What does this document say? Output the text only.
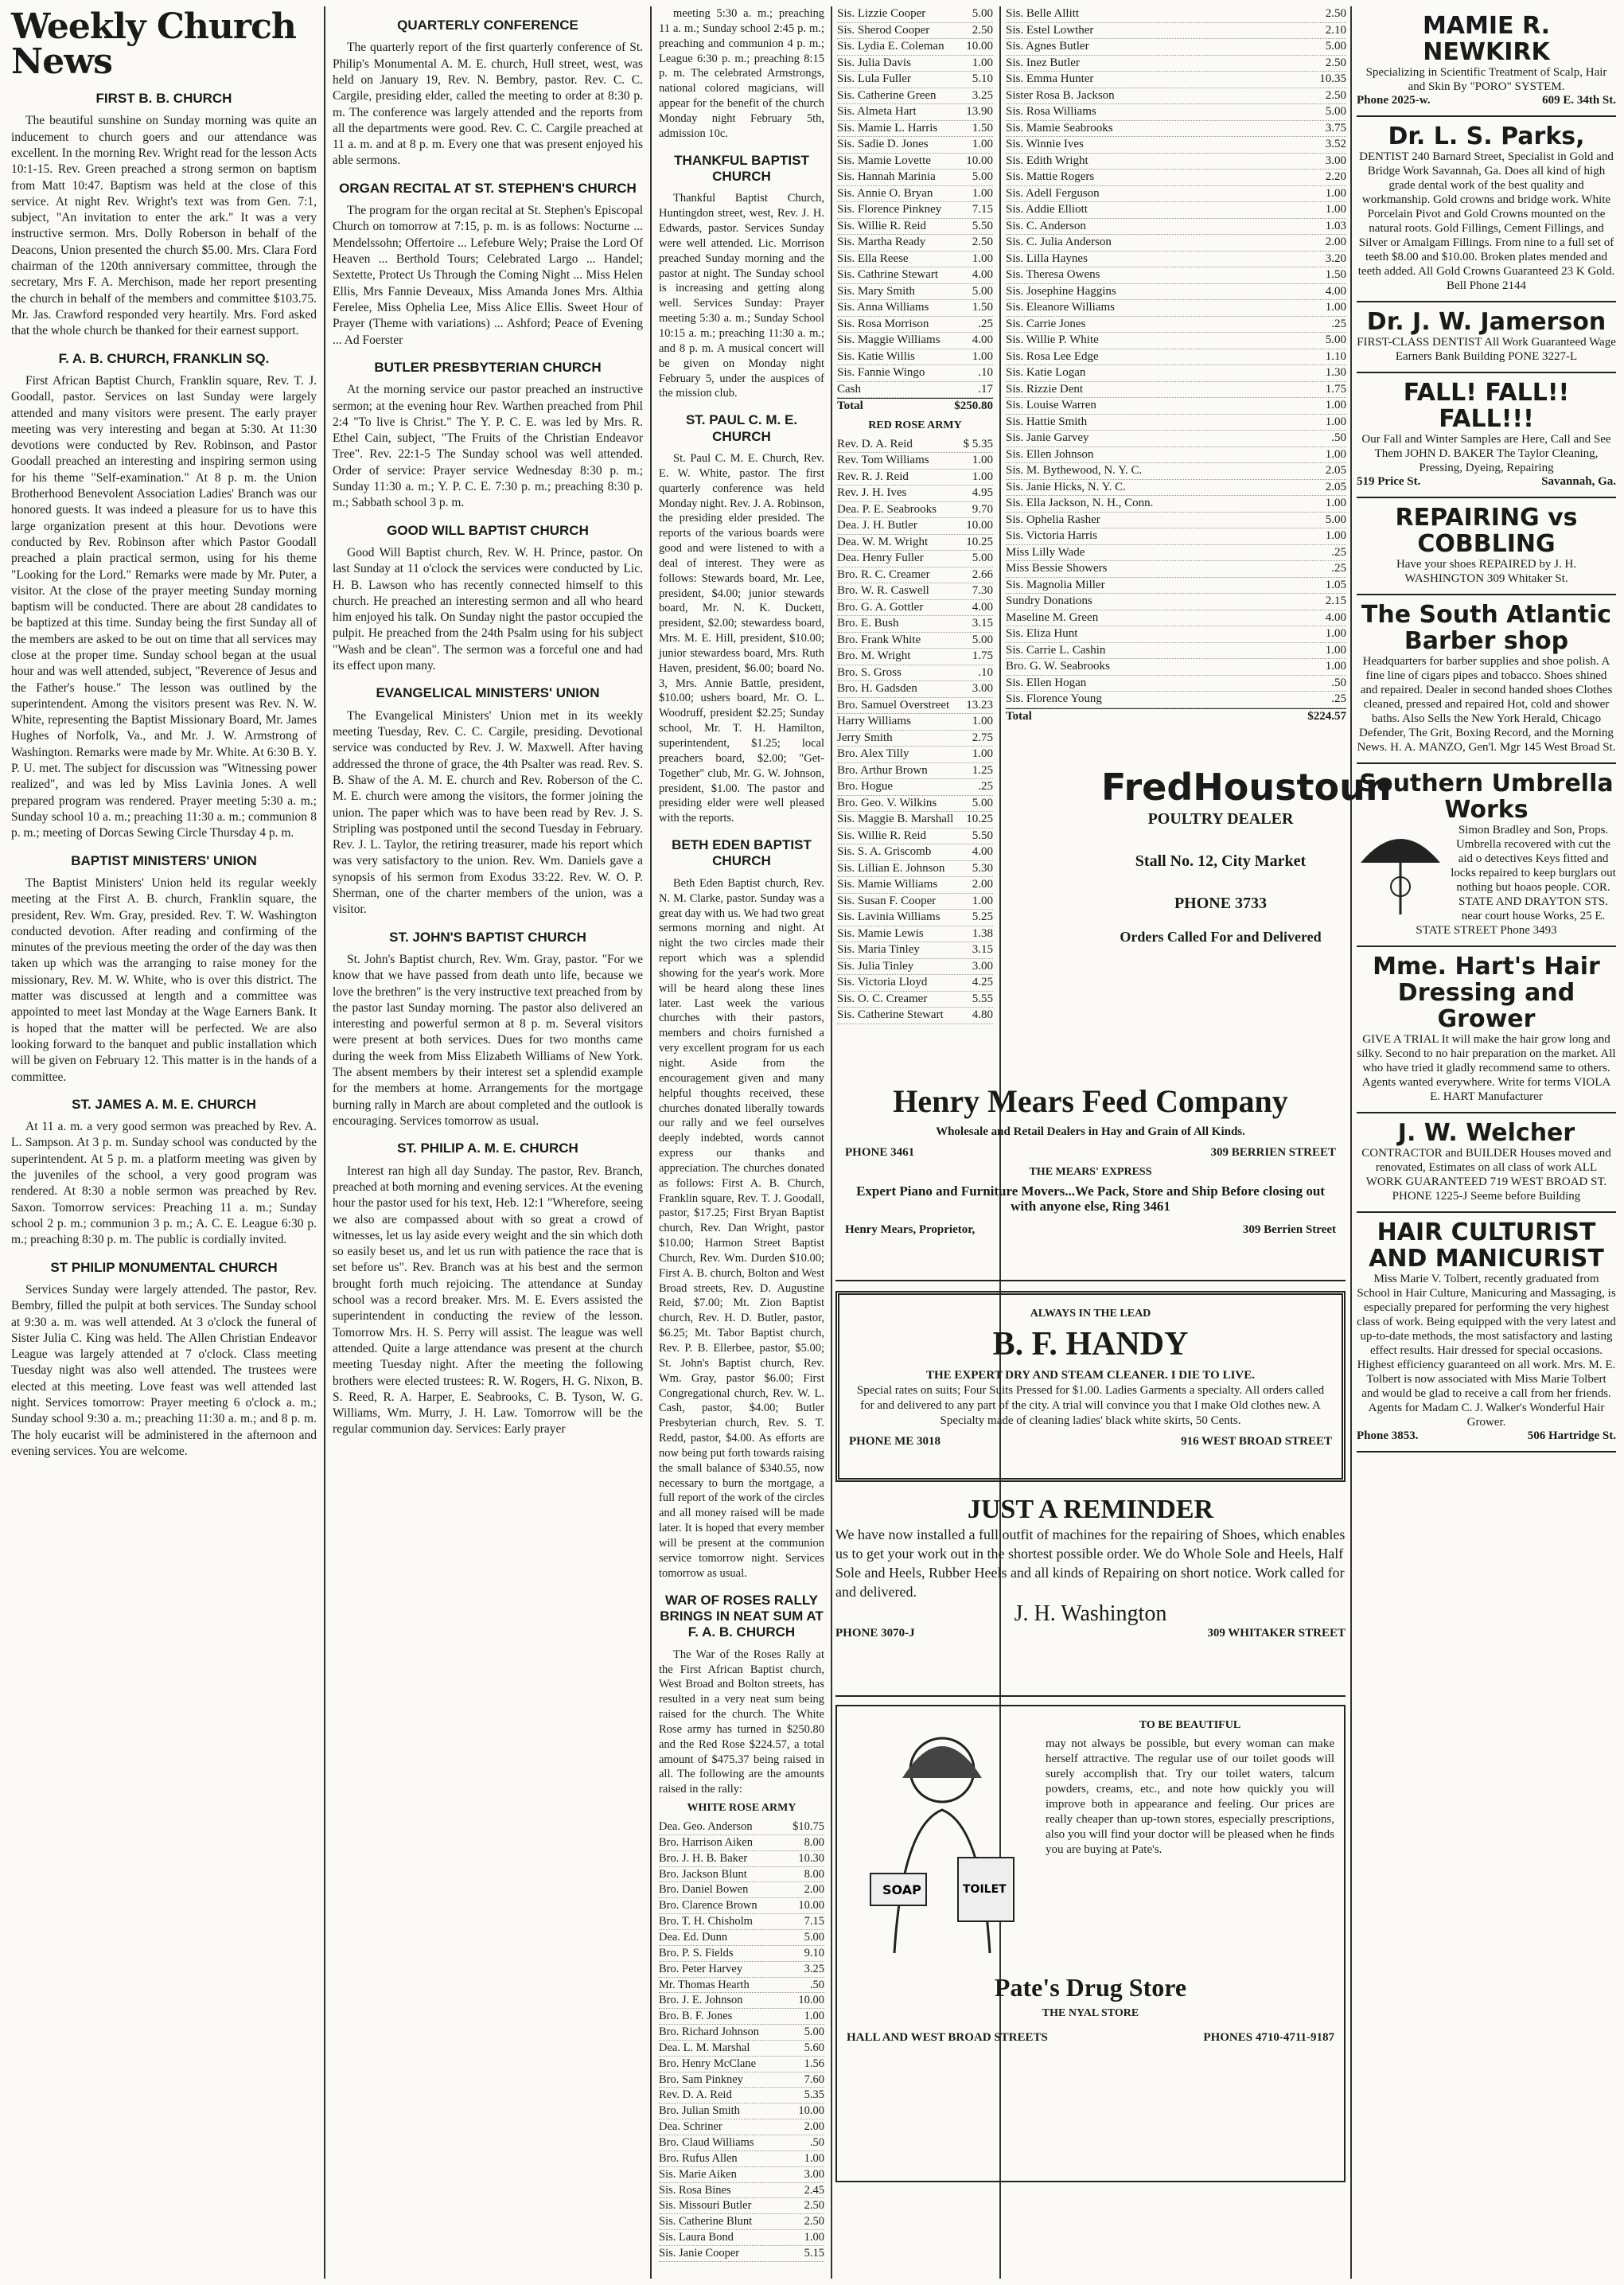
Weekly Church News
FIRST B. B. CHURCH

The beautiful sunshine on Sunday morning was quite an inducement to church goers and our attendance was excellent. In the morning Rev. Wright read for the lesson Acts 10:1-15. Rev. Green preached a strong sermon on baptism from Matt 10:47. Baptism was held at the close of this service. At night Rev. Wright's text was from Gen. 7:1, subject, "An invitation to enter the ark." It was a very instructive sermon. Mrs. Dolly Roberson in behalf of the Deacons, Union presented the church $5.00. Mrs. Clara Ford chairman of the 120th anniversary committee, through the secretary, Mrs F. A. Merchison, made her report presenting the church in behalf of the members and committee $103.75. Mr. Jas. Crawford responded very heartily. Mrs. Ford asked that the whole church be thanked for their earnest support.

F. A. B. CHURCH, FRANKLIN SQ.

First African Baptist Church, Franklin square, Rev. T. J. Goodall, pastor. Services on last Sunday were largely attended and many visitors were present. The early prayer meeting was very interesting and began at 5:30. At 11:30 devotions were conducted by Rev. Robinson, and Pastor Goodall preached an interesting and inspiring sermon using for his theme "Self-examination." At 8 p. m. the Union Brotherhood Benevolent Association Ladies' Branch was our honored guests. It was indeed a pleasure for us to have this large organization present at this hour. Devotions were conducted by Rev. Robinson after which Pastor Goodall preached a plain practical sermon, using for his theme "Looking for the Lord." Remarks were made by Mr. Puter, a visitor. At the close of the prayer meeting Sunday morning baptism will be conducted. There are about 28 candidates to be baptized at this time. Sunday being the first Sunday all of the members are asked to be out on time that all services may close at the proper time. Sunday school began at the usual hour and was well attended, subject, "Reverence of Jesus and the Father's house." The lesson was outlined by the superintendent. Among the visitors present was Rev. N. W. White, representing the Baptist Missionary Board, Mr. James Hughes of Norfolk, Va., and Mr. J. W. Armstrong of Washington. Remarks were made by Mr. White. At 6:30 B. Y. P. U. met. The subject for discussion was "Witnessing power realized", and was led by Miss Lavinia Jones. A well prepared program was rendered. Prayer meeting 5:30 a. m.; Sunday school 10 a. m.; preaching 11:30 a. m.; communion 8 p. m.; meeting of Dorcas Sewing Circle Thursday 4 p. m.

BAPTIST MINISTERS' UNION

The Baptist Ministers' Union held its regular weekly meeting at the First A. B. church, Franklin square, the president, Rev. Wm. Gray, presided. Rev. T. W. Washington conducted devotion. After reading and confirming of the minutes of the previous meeting the order of the day was then taken up which was the arranging to raise money for the missionary, Rev. M. W. White, who is over this district. The matter was discussed at length and a committee was appointed to meet last Monday at the Wage Earners Bank. It is hoped that the matter will be perfected. We are also looking forward to the banquet and public installation which will be given on February 12. This matter is in the hands of a committee.

ST. JAMES A. M. E. CHURCH

At 11 a. m. a very good sermon was preached by Rev. A. L. Sampson. At 3 p. m. Sunday school was conducted by the superintendent. At 5 p. m. a platform meeting was given by the juveniles of the school, a very good program was rendered. At 8:30 a noble sermon was preached by Rev. Saxon. Tomorrow services: Preaching 11 a. m.; Sunday school 2 p. m.; communion 3 p. m.; A. C. E. League 6:30 p. m.; preaching 8:30 p. m. The public is cordially invited.

ST PHILIP MONUMENTAL CHURCH

Services Sunday were largely attended. The pastor, Rev. Bembry, filled the pulpit at both services. The Sunday school at 9:30 a. m. was well attended. At 3 o'clock the funeral of Sister Julia C. King was held. The Allen Christian Endeavor League was largely attended at 7 o'clock. Class meeting Tuesday night was also well attended. The trustees were elected at this meeting. Love feast was well attended last night. Services tomorrow: Prayer meeting 6 o'clock a. m.; Sunday school 9:30 a. m.; preaching 11:30 a. m.; and 8 p. m. The holy eucarist will be administered in the afternoon and evening services. You are welcome.

QUARTERLY CONFERENCE

The quarterly report of the first quarterly conference of St. Philip's Monumental A. M. E. church, Hull street, west, was held on January 19, Rev. N. Bembry, pastor. Rev. C. C. Cargile, presiding elder, called the meeting to order at 8:30 p. m. The conference was largely attended and the reports from all the departments were good. Rev. C. C. Cargile preached at 11 a. m. and at 8 p. m. Every one that was present enjoyed his able sermons.

ORGAN RECITAL AT ST. STEPHEN'S CHURCH

The program for the organ recital at St. Stephen's Episcopal Church on tomorrow at 7:15, p. m. is as follows: Nocturne ... Mendelssohn; Offertoire ... Lefebure Wely; Praise the Lord Of Heaven ... Berthold Tours; Celebrated Largo ... Handel; Sextette, Protect Us Through the Coming Night ... Miss Helen Ellis, Mrs Fannie Deveaux, Miss Amanda Jones Mrs. Althia Ferelee, Miss Ophelia Lee, Miss Alice Ellis. Sweet Hour of Prayer (Theme with variations) ... Ashford; Peace of Evening ... Ad Foerster

BUTLER PRESBYTERIAN CHURCH

At the morning service our pastor preached an instructive sermon; at the evening hour Rev. Warthen preached from Phil 2:4 "To live is Christ." The Y. P. C. E. was led by Mrs. R. Ethel Cain, subject, "The Fruits of the Christian Endeavor Tree". Rev. 22:1-5 The Sunday school was well attended. Order of service: Prayer service Wednesday 8:30 p. m.; Sunday 11:30 a. m.; Y. P. C. E. 7:30 p. m.; preaching 8:30 p. m.; Sabbath school 3 p. m.

GOOD WILL BAPTIST CHURCH

Good Will Baptist church, Rev. W. H. Prince, pastor. On last Sunday at 11 o'clock the services were conducted by Lic. H. B. Lawson who has recently connected himself to this church. He preached an interesting sermon and all who heard him enjoyed his talk. On Sunday night the pastor occupied the pulpit. He preached from the 24th Psalm using for his subject "Wash and be clean". The sermon was a forceful one and had its effect upon many.

EVANGELICAL MINISTERS' UNION

The Evangelical Ministers' Union met in its weekly meeting Tuesday, Rev. C. C. Cargile, presiding. Devotional service was conducted by Rev. J. W. Maxwell. After having addressed the throne of grace, the 4th Psalter was read. Rev. S. B. Shaw of the A. M. E. church and Rev. Roberson of the C. M. E. church were among the visitors, the former joining the union. The paper which was to have been read by Rev. J. S. Stripling was postponed until the second Tuesday in February. Rev. J. L. Taylor, the retiring treasurer, made his report which was very satisfactory to the union. Rev. Wm. Daniels gave a synopsis of his sermon from Exodus 33:22. Rev. W. O. P. Sherman, one of the charter members of the union, was a visitor.

ST. JOHN'S BAPTIST CHURCH

St. John's Baptist church, Rev. Wm. Gray, pastor. "For we know that we have passed from death unto life, because we love the brethren" is the very instructive text preached from by the pastor last Sunday morning. The pastor also delivered an interesting and powerful sermon at 8 p. m. Several visitors were present at both services. Dues for two months came during the week from Miss Elizabeth Williams of New York. The absent members by their interest set a splendid example for the members at home. Arrangements for the mortgage burning rally in March are about completed and the outlook is encouraging. Services tomorrow as usual.

ST. PHILIP A. M. E. CHURCH

Interest ran high all day Sunday. The pastor, Rev. Branch, preached at both morning and evening services. At the evening hour the pastor used for his text, Heb. 12:1 "Wherefore, seeing we also are compassed about with so great a crowd of witnesses, let us lay aside every weight and the sin which doth so easily beset us, and let us run with patience the race that is set before us". Rev. Branch was at his best and the sermon brought forth much rejoicing. The attendance at Sunday school was a record breaker. Mrs. M. E. Evers assisted the superintendent in conducting the review of the lesson. Tomorrow Mrs. H. S. Perry will assist. The league was well attended. Quite a large attendance was present at the church meeting Tuesday night. After the meeting the following brothers were elected trustees: R. W. Rogers, H. G. Nixon, B. S. Reed, R. A. Harper, E. Seabrooks, C. B. Tyson, W. G. Williams, Wm. Murry, J. H. Law. Tomorrow will be the regular communion day. Services: Early prayer

meeting 5:30 a. m.; preaching 11 a. m.; Sunday school 2:45 p. m.; preaching and communion 4 p. m.; League 6:30 p. m.; preaching 8:15 p. m. The celebrated Armstrongs, national colored magicians, will appear for the benefit of the church Monday night February 5th, admission 10c.

THANKFUL BAPTIST CHURCH

Thankful Baptist Church, Huntingdon street, west, Rev. J. H. Edwards, pastor. Services Sunday were well attended. Lic. Morrison preached Sunday morning and the pastor at night. The Sunday school is increasing and getting along well. Services Sunday: Prayer meeting 5:30 a. m.; Sunday School 10:15 a. m.; preaching 11:30 a. m.; and 8 p. m. A musical concert will be given on Monday night February 5, under the auspices of the mission club.

ST. PAUL C. M. E. CHURCH

St. Paul C. M. E. Church, Rev. E. W. White, pastor. The first quarterly conference was held Monday night. Rev. J. A. Robinson, the presiding elder presided. The reports of the various boards were good and were listened to with a deal of interest. They were as follows: Stewards board, Mr. Lee, president, $4.00; junior stewards board, Mr. N. K. Duckett, president, $2.00; stewardess board, Mrs. M. E. Hill, president, $10.00; junior stewardess board, Mrs. Ruth Haven, president, $6.00; board No. 3, Mrs. Annie Battle, president, $10.00; ushers board, Mr. O. L. Woodruff, president $2.25; Sunday school, Mr. T. H. Hamilton, superintendent, $1.25; local preachers board, $2.00; "Get-Together" club, Mr. G. W. Johnson, president, $1.00. The pastor and presiding elder were well pleased with the reports.

BETH EDEN BAPTIST CHURCH

Beth Eden Baptist church, Rev. N. M. Clarke, pastor. Sunday was a great day with us. We had two great sermons morning and night. At night the two circles made their report which was a splendid showing for the year's work. More will be heard along these lines later. Last week the various churches with their pastors, members and choirs furnished a very excellent program for us each night. Aside from the encouragement given and many helpful thoughts received, these churches donated liberally towards our rally and we feel ourselves deeply indebted, words cannot express our thanks and appreciation. The churches donated as follows: First A. B. Church, Franklin square, Rev. T. J. Goodall, pastor, $17.25; First Bryan Baptist church, Rev. Dan Wright, pastor $10.00; Harmon Street Baptist Church, Rev. Wm. Durden $10.00; First A. B. church, Bolton and West Broad streets, Rev. D. Augustine Reid, $7.00; Mt. Zion Baptist church, Rev. H. D. Butler, pastor, $6.25; Mt. Tabor Baptist church, Rev. P. B. Ellerbee, pastor, $5.00; St. John's Baptist church, Rev. Wm. Gray, pastor $6.00; First Congregational church, Rev. W. L. Cash, pastor, $4.00; Butler Presbyterian church, Rev. S. T. Redd, pastor, $4.00. As efforts are now being put forth towards raising the small balance of $340.55, now necessary to burn the mortgage, a full report of the work of the circles and all money raised will be made later. It is hoped that every member will be present at the communion service tomorrow night. Services tomorrow as usual.

WAR OF ROSES RALLY BRINGS IN NEAT SUM AT F. A. B. CHURCH

The War of the Roses Rally at the First African Baptist church, West Broad and Bolton streets, has resulted in a very neat sum being raised for the church. The White Rose army has turned in $250.80 and the Red Rose $224.57, a total amount of $475.37 being raised in all. The following are the amounts raised in the rally:

WHITE ROSE ARMY
Dea. Geo. Anderson	$10.75
Bro. Harrison Aiken	8.00
Bro. J. H. B. Baker	10.30
Bro. Jackson Blunt	8.00
Bro. Daniel Bowen	2.00
Bro. Clarence Brown	10.00
Bro. T. H. Chisholm	7.15
Dea. Ed. Dunn	5.00
Bro. P. S. Fields	9.10
Bro. Peter Harvey	3.25
Mr. Thomas Hearth	.50
Bro. J. E. Johnson	10.00
Bro. B. F. Jones	1.00
Bro. Richard Johnson	5.00
Dea. L. M. Marshal	5.60
Bro. Henry McClane	1.56
Bro. Sam Pinkney	7.60
Rev. D. A. Reid	5.35
Bro. Julian Smith	10.00
Dea. Schriner	2.00
Bro. Claud Williams	.50
Bro. Rufus Allen	1.00
Sis. Marie Aiken	3.00
Sis. Rosa Bines	2.45
Sis. Missouri Butler	2.50
Sis. Catherine Blunt	2.50
Sis. Laura Bond	1.00
Sis. Janie Cooper	5.15
Sis. Lizzie Cooper	5.00
Sis. Sherod Cooper	2.50
Sis. Lydia E. Coleman 10.00
Sis. Julia Davis	1.00
Sis. Lula Fuller	5.10
Sis. Catherine Green	3.25
Sis. Almeta Hart	13.90
Sis. Mamie L. Harris	1.50
Sis. Sadie D. Jones	1.00
Sis. Mamie Lovette	10.00
Sis. Hannah Marinia	5.00
Sis. Annie O. Bryan	1.00
Sis. Florence Pinkney	7.15
Sis. Willie R. Reid	5.50
Sis. Martha Ready	2.50
Sis. Ella Reese	1.00
Sis. Cathrine Stewart	4.00
Sis. Mary Smith	5.00
Sis. Anna Williams	1.50
Sis. Rosa Morrison	.25
Sis. Maggie Williams	4.00
Sis. Katie Willis	1.00
Sis. Fannie Wingo	.10
Cash	.17
Total	$250.80
RED ROSE ARMY
Rev. D. A. Reid	$ 5.35
Rev. Tom Williams	1.00
Rev. R. J. Reid	1.00
Rev. J. H. Ives	4.95
Dea. P. E. Seabrooks	9.70
Dea. J. H. Butler	10.00
Dea. W. M. Wright	10.25
Dea. Henry Fuller	5.00
Bro. R. C. Creamer	2.66
Bro. W. R. Caswell	7.30
Bro. G. A. Gottler	4.00
Bro. E. Bush	3.15
Bro. Frank White	5.00
Bro. M. Wright	1.75
Bro. S. Gross	.10
Bro. H. Gadsden	3.00
Bro. Samuel Overstreet 13.23
Harry Williams	1.00
Jerry Smith	2.75
Bro. Alex Tilly	1.00
Bro. Arthur Brown	1.25
Bro. Hogue	.25
Bro. Geo. V. Wilkins	5.00
Sis. Maggie B. Marshall 10.25
Sis. Willie R. Reid	5.50
Sis. S. A. Griscomb	4.00
Sis. Lillian E. Johnson 5.30
Sis. Mamie Williams	2.00
Sis. Susan F. Cooper	1.00
Sis. Lavinia Williams	5.25
Sis. Mamie Lewis	1.38
Sis. Maria Tinley	3.15
Sis. Julia Tinley	3.00
Sis. Victoria Lloyd	4.25
Sis. O. C. Creamer	5.55
Sis. Catherine Stewart 4.80
Sis. Belle Allitt	2.50
Sis. Estel Lowther	2.10
Sis. Agnes Butler	5.00
Sis. Inez Butler	2.50
Sis. Emma Hunter	10.35
Sister Rosa B. Jackson	2.50
Sis. Rosa Williams	5.00
Sis. Mamie Seabrooks	3.75
Sis. Winnie Ives	3.52
Sis. Edith Wright	3.00
Sis. Mattie Rogers	2.20
Sis. Adell Ferguson	1.00
Sis. Addie Elliott	1.00
Sis. C. Anderson	1.03
Sis. C. Julia Anderson	2.00
Sis. Lilla Haynes	3.20
Sis. Theresa Owens	1.50
Sis. Josephine Haggins	4.00
Sis. Eleanore Williams	1.00
Sis. Carrie Jones	.25
Sis. Willie P. White	5.00
Sis. Rosa Lee Edge	1.10
Sis. Katie Logan	1.30
Sis. Rizzie Dent	1.75
Sis. Louise Warren	1.00
Sis. Hattie Smith	1.00
Sis. Janie Garvey	.50
Sis. Ellen Johnson	1.00
Sis. M. Bythewood, N. Y. C.	2.05
Sis. Janie Hicks, N. Y. C.	2.05
Sis. Ella Jackson, N. H., Conn.	1.00
Sis. Ophelia Rasher	5.00
Sis. Victoria Harris	1.00
Miss Lilly Wade	.25
Miss Bessie Showers	.25
Sis. Magnolia Miller	1.05
Sundry Donations	2.15
Maseline M. Green	4.00
Sis. Eliza Hunt	1.00
Sis. Carrie L. Cashin	1.00
Bro. G. W. Seabrooks	1.00
Sis. Ellen Hogan	.50
Sis. Florence Young	.25
Total	$224.57
FredHoustoun
POULTRY DEALER
Stall No. 12, City Market
PHONE 3733
Orders Called For and Delivered
Henry Mears Feed Company
Wholesale and Retail Dealers in Hay and Grain of All Kinds.
PHONE 3461	309 BERRIEN STREET
THE MEARS' EXPRESS
Expert Piano and Furniture Movers...We Pack, Store and Ship Before closing out with anyone else, Ring 3461
Henry Mears, Proprietor,	309 Berrien Street
ALWAYS IN THE LEAD
B. F. HANDY
THE EXPERT DRY AND STEAM CLEANER. I DIE TO LIVE.
Special rates on suits; Four Suits Pressed for $1.00. Ladies Garments a specialty. All orders called for and delivered to any part of the city. A trial will convince you that I make Old clothes new. A Specialty made of cleaning ladies' black white skirts, 50 Cents.
PHONE ME 3018	916 WEST BROAD STREET
JUST A REMINDER
We have now installed a full outfit of machines for the repairing of Shoes, which enables us to get your work out in the shortest possible order. We do Whole Sole and Heels, Half Sole and Heels, Rubber Heels and all kinds of Repairing on short notice. Work called for and delivered.
J. H. Washington
PHONE 3070-J	309 WHITAKER STREET
SOAP	TOILET
TO BE BEAUTIFUL
may not always be possible, but every woman can make herself attractive. The regular use of our toilet goods will surely accomplish that. Try our toilet waters, talcum powders, creams, etc., and note how quickly you will improve both in appearance and feeling. Our prices are really cheaper than up-town stores, especially prescriptions, also you will find your doctor will be pleased when he finds you are buying at Pate's.
Pate's Drug Store
THE NYAL STORE
HALL AND WEST BROAD STREETS	PHONES 4710-4711-9187
MAMIE R. NEWKIRK
Specializing in Scientific Treatment of Scalp, Hair and Skin By "PORO" SYSTEM.
Phone 2025-w.	609 E. 34th St.
Dr. L. S. Parks,
DENTIST 240 Barnard Street, Specialist in Gold and Bridge Work Savannah, Ga. Does all kind of high grade dental work of the best quality and workmanship. Gold crowns and bridge work. White Porcelain Pivot and Gold Crowns mounted on the natural roots. Gold Fillings, Cement Fillings, and Silver or Amalgam Fillings. From nine to a full set of teeth $8.00 and $10.00. Broken plates mended and teeth added. All Gold Crowns Guaranteed 23 K Gold. Bell Phone 2144
Dr. J. W. Jamerson
FIRST-CLASS DENTIST All Work Guaranteed Wage Earners Bank Building PONE 3227-L
FALL! FALL!! FALL!!!
Our Fall and Winter Samples are Here, Call and See Them JOHN D. BAKER The Taylor Cleaning, Pressing, Dyeing, Repairing
519 Price St.	Savannah, Ga.
REPAIRING vs COBBLING
Have your shoes REPAIRED by J. H. WASHINGTON 309 Whitaker St.
The South Atlantic Barber shop
Headquarters for barber supplies and shoe polish. A fine line of cigars pipes and tobacco. Shoes shined and repaired. Dealer in second handed shoes Clothes cleaned, pressed and repaired Hot, cold and shower baths. Also Sells the New York Herald, Chicago Defender, The Grit, Boxing Record, and the Morning News. H. A. MANZO, Gen'l. Mgr 145 West Broad St.
Southern Umbrella Works
Simon Bradley and Son, Props. Umbrella recovered with cut the aid o detectives Keys fitted and locks repaired to keep burglars out nothing but hoaos people. COR. STATE AND DRAYTON STS. near court house Works, 25 E. STATE STREET Phone 3493
Mme. Hart's Hair Dressing and Grower
GIVE A TRIAL It will make the hair grow long and silky. Second to no hair preparation on the market. All who have tried it gladly recommend same to others. Agents wanted everywhere. Write for terms VIOLA E. HART Manufacturer
J. W. Welcher
CONTRACTOR and BUILDER Houses moved and renovated, Estimates on all class of work ALL WORK GUARANTEED 719 WEST BROAD ST. PHONE 1225-J Seeme before Building
HAIR CULTURIST AND MANICURIST
Miss Marie V. Tolbert, recently graduated from School in Hair Culture, Manicuring and Massaging, is especially prepared for performing the very highest class of work. Being equipped with the very latest and up-to-date methods, the most satisfactory and lasting effect results. Hair dressed for special occasions. Highest efficiency guaranteed on all work. Mrs. M. E. Tolbert is now associated with Miss Marie Tolbert and would be glad to receive a call from her friends. Agents for Madam C. J. Walker's Wonderful Hair Grower.
Phone 3853.	506 Hartridge St.
